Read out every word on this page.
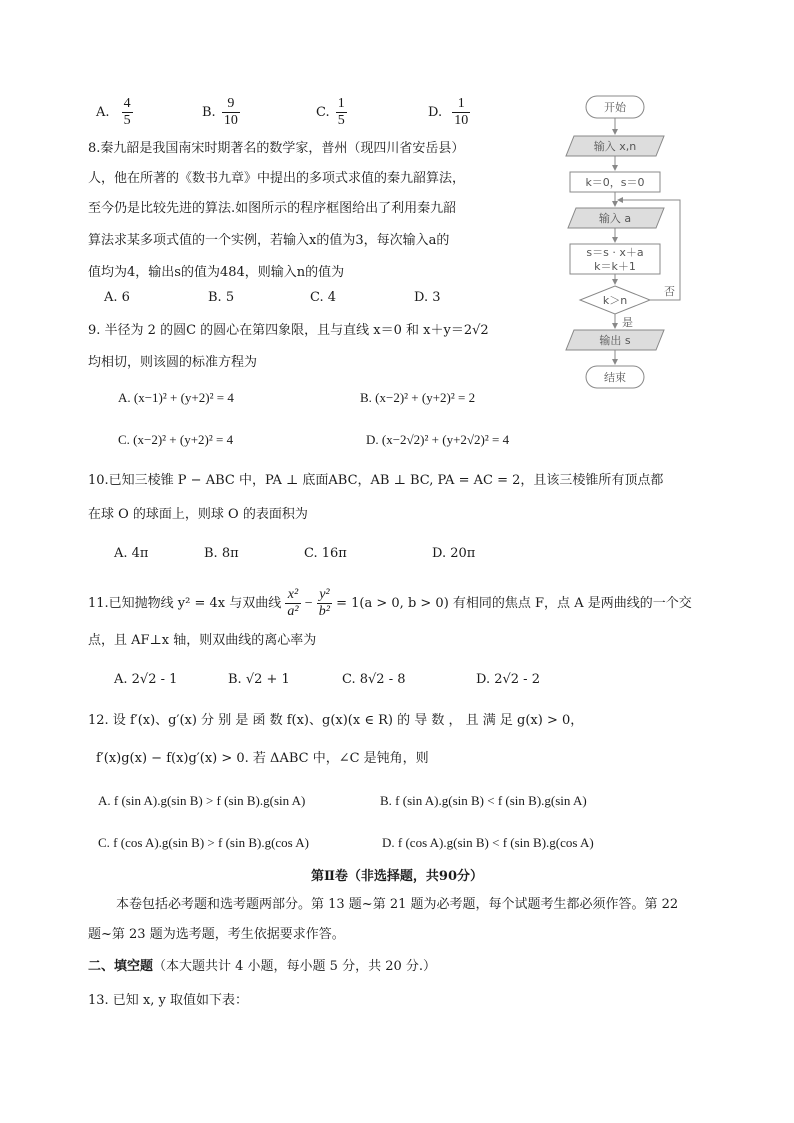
A. $\frac{4}{5}$	B. $\frac{9}{10}$	C. $\frac{1}{5}$	D. $\frac{1}{10}$
8.秦九韶是我国南宋时期著名的数学家，普州（现四川省安岳县）
人，他在所著的《数书九章》中提出的多项式求值的秦九韶算法，
至今仍是比较先进的算法.如图所示的程序框图给出了利用秦九韶
算法求某多项式值的一个实例，若输入x的值为3，每次输入a的
值均为4，输出s的值为484，则输入n的值为
A. 6	B. 5	C. 4	D. 3
开始
输入 x,n
k＝0，s＝0
输入 a
s＝s · x＋a
k＝k＋1
k＞n
否
是
输出 s
结束
9. 半径为 2 的圆C 的圆心在第四象限，且与直线 x＝0 和 x＋y＝2√2
均相切，则该圆的标准方程为
A. (x−1)² + (y+2)² = 4	B. (x−2)² + (y+2)² = 2
C. (x−2)² + (y+2)² = 4	D. (x−2√2)² + (y+2√2)² = 4
10.已知三棱锥 P − ABC 中，PA ⊥ 底面ABC，AB ⊥ BC, PA = AC = 2，且该三棱锥所有顶点都
在球 O 的球面上，则球 O 的表面积为
A. 4π	B. 8π	C. 16π	D. 20π
11.已知抛物线 y² = 4x 与双曲线 $\frac{\text{x²}}{\text{a²}} - \frac{\text{y²}}{\text{b²}} = 1(a > 0$, b > 0) 有相同的焦点 F，点 A 是两曲线的一个交
点，且 AF⊥x 轴，则双曲线的离心率为
A. 2√2 - 1	B. √2 + 1	C. 8√2 - 8	D. 2√2 - 2
12. 设 f′(x)、g′(x) 分 别 是 函 数 f(x)、g(x)(x ∈ R) 的 导 数 ， 且 满 足 g(x) > 0，
f′(x)g(x) − f(x)g′(x) > 0. 若 ΔABC 中，∠C 是钝角，则
A. f (sin A).g(sin B) > f (sin B).g(sin A)	B. f (sin A).g(sin B) < f (sin B).g(sin A)
C. f (cos A).g(sin B) > f (sin B).g(cos A)	D. f (cos A).g(sin B) < f (sin B).g(cos A)
第Ⅱ卷（非选择题，共90分）
本卷包括必考题和选考题两部分。第 13 题~第 21 题为必考题，每个试题考生都必须作答。第 22
题~第 23 题为选考题，考生依据要求作答。
二、填空题（本大题共计 4 小题，每小题 5 分，共 20 分.）
13. 已知 x, y 取值如下表：
